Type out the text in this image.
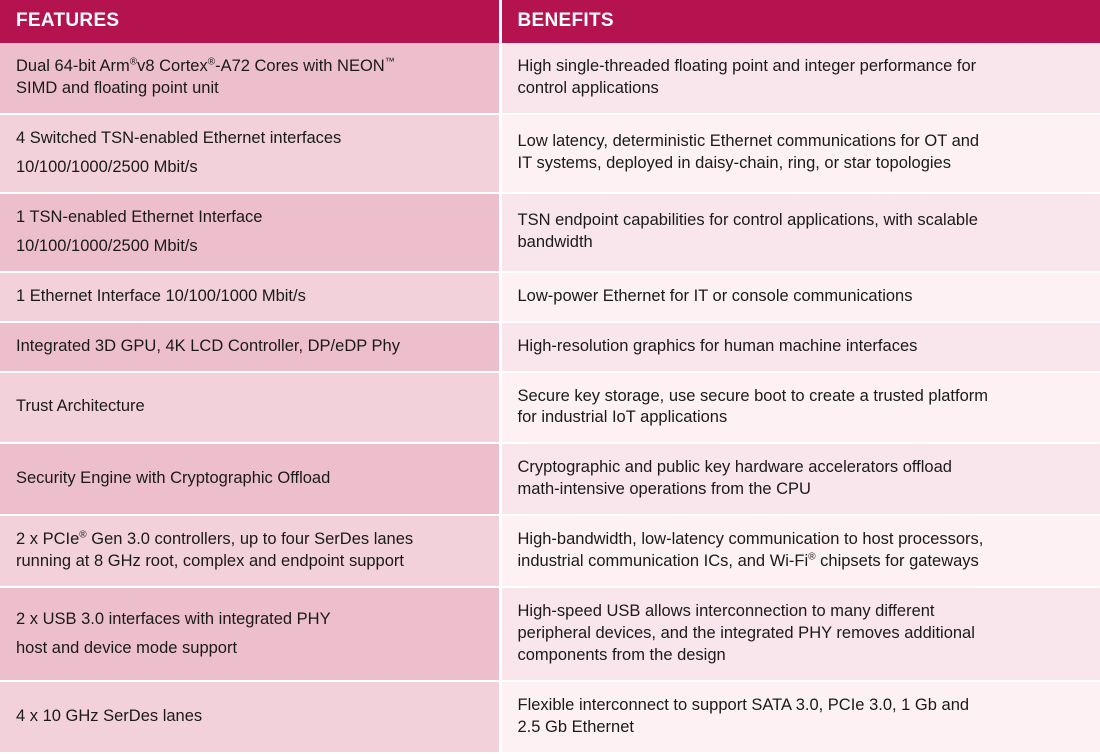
FEATURES	BENEFITS

Dual 64-bit Arm®v8 Cortex®-A72 Cores with NEON™
SIMD and floating point unit	High single-threaded floating point and integer performance for
control applications

4 Switched TSN-enabled Ethernet interfaces
10/100/1000/2500 Mbit/s	Low latency, deterministic Ethernet communications for OT and
IT systems, deployed in daisy-chain, ring, or star topologies

1 TSN-enabled Ethernet Interface
10/100/1000/2500 Mbit/s	TSN endpoint capabilities for control applications, with scalable
bandwidth

1 Ethernet Interface 10/100/1000 Mbit/s	Low-power Ethernet for IT or console communications

Integrated 3D GPU, 4K LCD Controller, DP/eDP Phy	High-resolution graphics for human machine interfaces

Trust Architecture	Secure key storage, use secure boot to create a trusted platform
for industrial IoT applications

Security Engine with Cryptographic Offload	Cryptographic and public key hardware accelerators offload
math-intensive operations from the CPU

2 x PCIe® Gen 3.0 controllers, up to four SerDes lanes
running at 8 GHz root, complex and endpoint support	High-bandwidth, low-latency communication to host processors,
industrial communication ICs, and Wi-Fi® chipsets for gateways

2 x USB 3.0 interfaces with integrated PHY
host and device mode support	High-speed USB allows interconnection to many different
peripheral devices, and the integrated PHY removes additional
components from the design

4 x 10 GHz SerDes lanes	Flexible interconnect to support SATA 3.0, PCIe 3.0, 1 Gb and
2.5 Gb Ethernet
